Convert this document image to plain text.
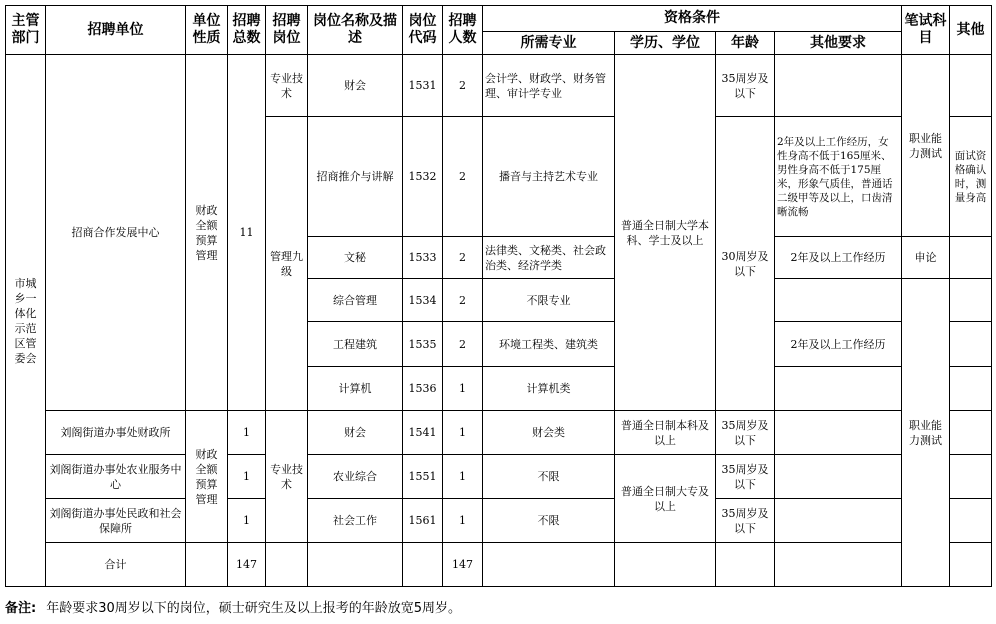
主管部门	招聘单位	单位性质	招聘总数	招聘岗位	岗位名称及描述	岗位代码	招聘人数	资格条件				笔试科目	其他
								所需专业	学历、学位	年龄	其他要求		
市城乡一体化示范区管委会	招商合作发展中心	财政全额预算管理	11	专业技术	财会	1531	2	会计学、财政学、财务管理、审计学专业	普通全日制大学本科、学士及以上	35周岁及以下		职业能力测试	
				管理九级	招商推介与讲解	1532	2	播音与主持艺术专业		30周岁及以下	2年及以上工作经历，女性身高不低于165厘米、男性身高不低于175厘米，形象气质佳，普通话二级甲等及以上，口齿清晰流畅		面试资格确认时，测量身高
					文秘	1533	2	法律类、文秘类、社会政治类、经济学类			2年及以上工作经历	申论	
					综合管理	1534	2	不限专业				职业能力测试	
					工程建筑	1535	2	环境工程类、建筑类			2年及以上工作经历		
					计算机	1536	1	计算机类					
	刘阁街道办事处财政所	财政全额预算管理	1	专业技术	财会	1541	1	财会类	普通全日制本科及以上	35周岁及以下			
	刘阁街道办事处农业服务中心		1		农业综合	1551	1	不限	普通全日制大专及以上	35周岁及以下			
	刘阁街道办事处民政和社会保障所		1		社会工作	1561	1	不限		35周岁及以下			
	合计		147				147						
备注: 年龄要求30周岁以下的岗位，硕士研究生及以上报考的年龄放宽5周岁。
